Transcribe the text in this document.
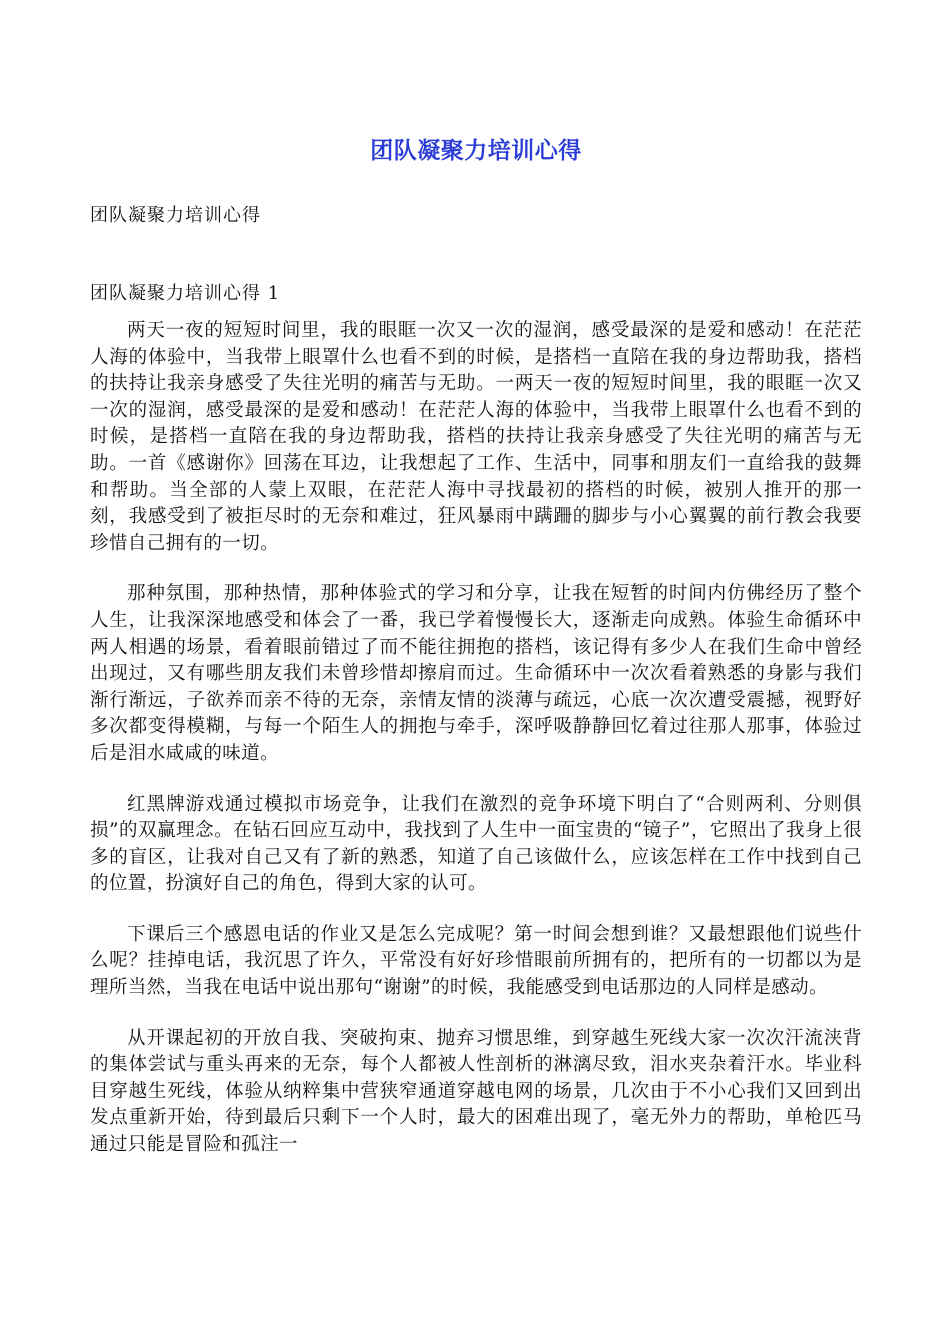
团队凝聚力培训心得
团队凝聚力培训心得
团队凝聚力培训心得 1

两天一夜的短短时间里，我的眼眶一次又一次的湿润，感受最深的是爱和感动！在茫茫人海的体验中，当我带上眼罩什么也看不到的时候，是搭档一直陪在我的身边帮助我，搭档的扶持让我亲身感受了失往光明的痛苦与无助。一两天一夜的短短时间里，我的眼眶一次又一次的湿润，感受最深的是爱和感动！在茫茫人海的体验中，当我带上眼罩什么也看不到的时候，是搭档一直陪在我的身边帮助我，搭档的扶持让我亲身感受了失往光明的痛苦与无助。一首《感谢你》回荡在耳边，让我想起了工作、生活中，同事和朋友们一直给我的鼓舞和帮助。当全部的人蒙上双眼，在茫茫人海中寻找最初的搭档的时候，被别人推开的那一刻，我感受到了被拒尽时的无奈和难过，狂风暴雨中蹒跚的脚步与小心翼翼的前行教会我要珍惜自己拥有的一切。

那种氛围，那种热情，那种体验式的学习和分享，让我在短暂的时间内仿佛经历了整个人生，让我深深地感受和体会了一番，我已学着慢慢长大，逐渐走向成熟。体验生命循环中两人相遇的场景，看着眼前错过了而不能往拥抱的搭档，该记得有多少人在我们生命中曾经出现过，又有哪些朋友我们未曾珍惜却擦肩而过。生命循环中一次次看着熟悉的身影与我们渐行渐远，子欲养而亲不待的无奈，亲情友情的淡薄与疏远，心底一次次遭受震撼，视野好多次都变得模糊，与每一个陌生人的拥抱与牵手，深呼吸静静回忆着过往那人那事，体验过后是泪水咸咸的味道。

红黑牌游戏通过模拟市场竞争，让我们在激烈的竞争环境下明白了“合则两利、分则俱损”的双赢理念。在钻石回应互动中，我找到了人生中一面宝贵的“镜子”，它照出了我身上很多的盲区，让我对自己又有了新的熟悉，知道了自己该做什么，应该怎样在工作中找到自己的位置，扮演好自己的角色，得到大家的认可。

下课后三个感恩电话的作业又是怎么完成呢？第一时间会想到谁？又最想跟他们说些什么呢？挂掉电话，我沉思了许久，平常没有好好珍惜眼前所拥有的，把所有的一切都以为是理所当然，当我在电话中说出那句“谢谢”的时候，我能感受到电话那边的人同样是感动。

从开课起初的开放自我、突破拘束、抛弃习惯思维，到穿越生死线大家一次次汗流浃背的集体尝试与重头再来的无奈，每个人都被人性剖析的淋漓尽致，泪水夹杂着汗水。毕业科目穿越生死线，体验从纳粹集中营狭窄通道穿越电网的场景，几次由于不小心我们又回到出发点重新开始，待到最后只剩下一个人时，最大的困难出现了，毫无外力的帮助，单枪匹马通过只能是冒险和孤注一
